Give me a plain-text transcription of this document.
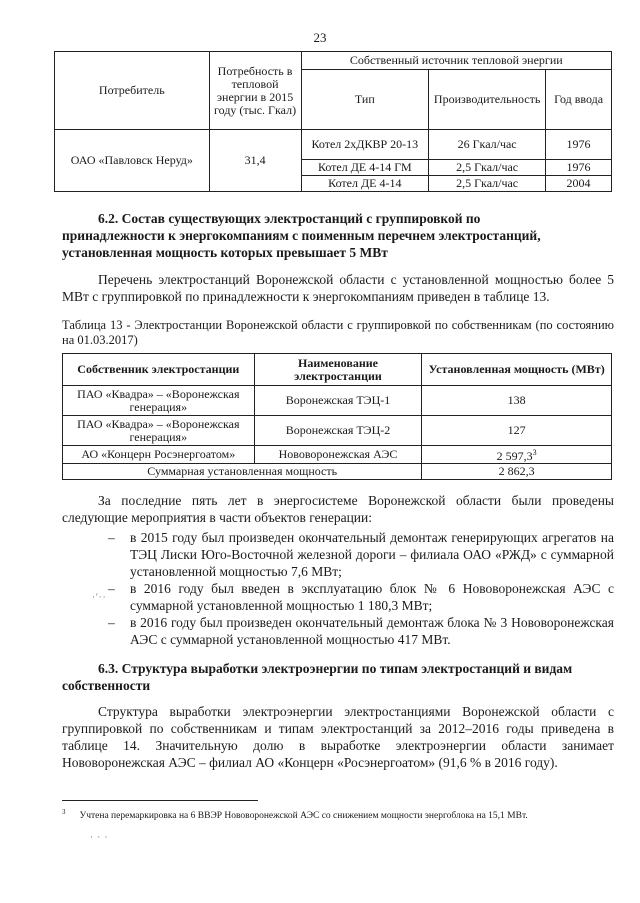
23
Потребитель	Потребность в тепловой энергии в 2015 году (тыс. Гкал)	Собственный источник тепловой энергии		
		Тип	Производительность	Год ввода
ОАО «Павловск Неруд»	31,4	Котел 2хДКВР 20-13	26 Гкал/час	1976
		Котел ДЕ 4-14 ГМ	2,5 Гкал/час	1976
		Котел ДЕ 4-14	2,5 Гкал/час	2004
6.2. Состав существующих электростанций с группировкой по
принадлежности к энергокомпаниям с поименным перечнем электростанций,
установленная мощность которых превышает 5 МВт
Перечень электростанций Воронежской области с установленной мощностью более 5 МВт с группировкой по принадлежности к энергокомпаниям приведен в таблице 13.
Таблица 13 - Электростанции Воронежской области с группировкой по собственникам (по состоянию на 01.03.2017)
Собственник электростанции	Наименование электростанции	Установленная мощность (МВт)
ПАО «Квадра» – «Воронежская генерация»	Воронежская ТЭЦ-1	138
ПАО «Квадра» – «Воронежская генерация»	Воронежская ТЭЦ-2	127
АО «Концерн Росэнергоатом»	Нововоронежская АЭС	2 597,3$^3$
Суммарная установленная мощность		2 862,3
За последние пять лет в энергосистеме Воронежской области были проведены следующие мероприятия в части объектов генерации:
– в 2015 году был произведен окончательный демонтаж генерирующих агрегатов на ТЭЦ Лиски Юго-Восточной железной дороги – филиала ОАО «РЖД» с суммарной установленной мощностью 7,6 МВт;
– в 2016 году был введен в эксплуатацию блок № 6 Нововоронежская АЭС с суммарной установленной мощностью 1 180,3 МВт;
– в 2016 году был произведен окончательный демонтаж блока № 3 Нововоронежская АЭС с суммарной установленной мощностью 417 МВт.
6.3. Структура выработки электроэнергии по типам электростанций и видам
собственности
Структура выработки электроэнергии электростанциями Воронежской области с группировкой по собственникам и типам электростанций за 2012–2016 годы приведена в таблице 14. Значительную долю в выработке электроэнергии области занимает Нововоронежская АЭС – филиал АО «Концерн «Росэнергоатом» (91,6 % в 2016 году).
$^3$ Учтена перемаркировка на 6 ВВЭР Нововоронежской АЭС со снижением мощности энергоблока на 15,1 МВт.
·'··
· · ·
